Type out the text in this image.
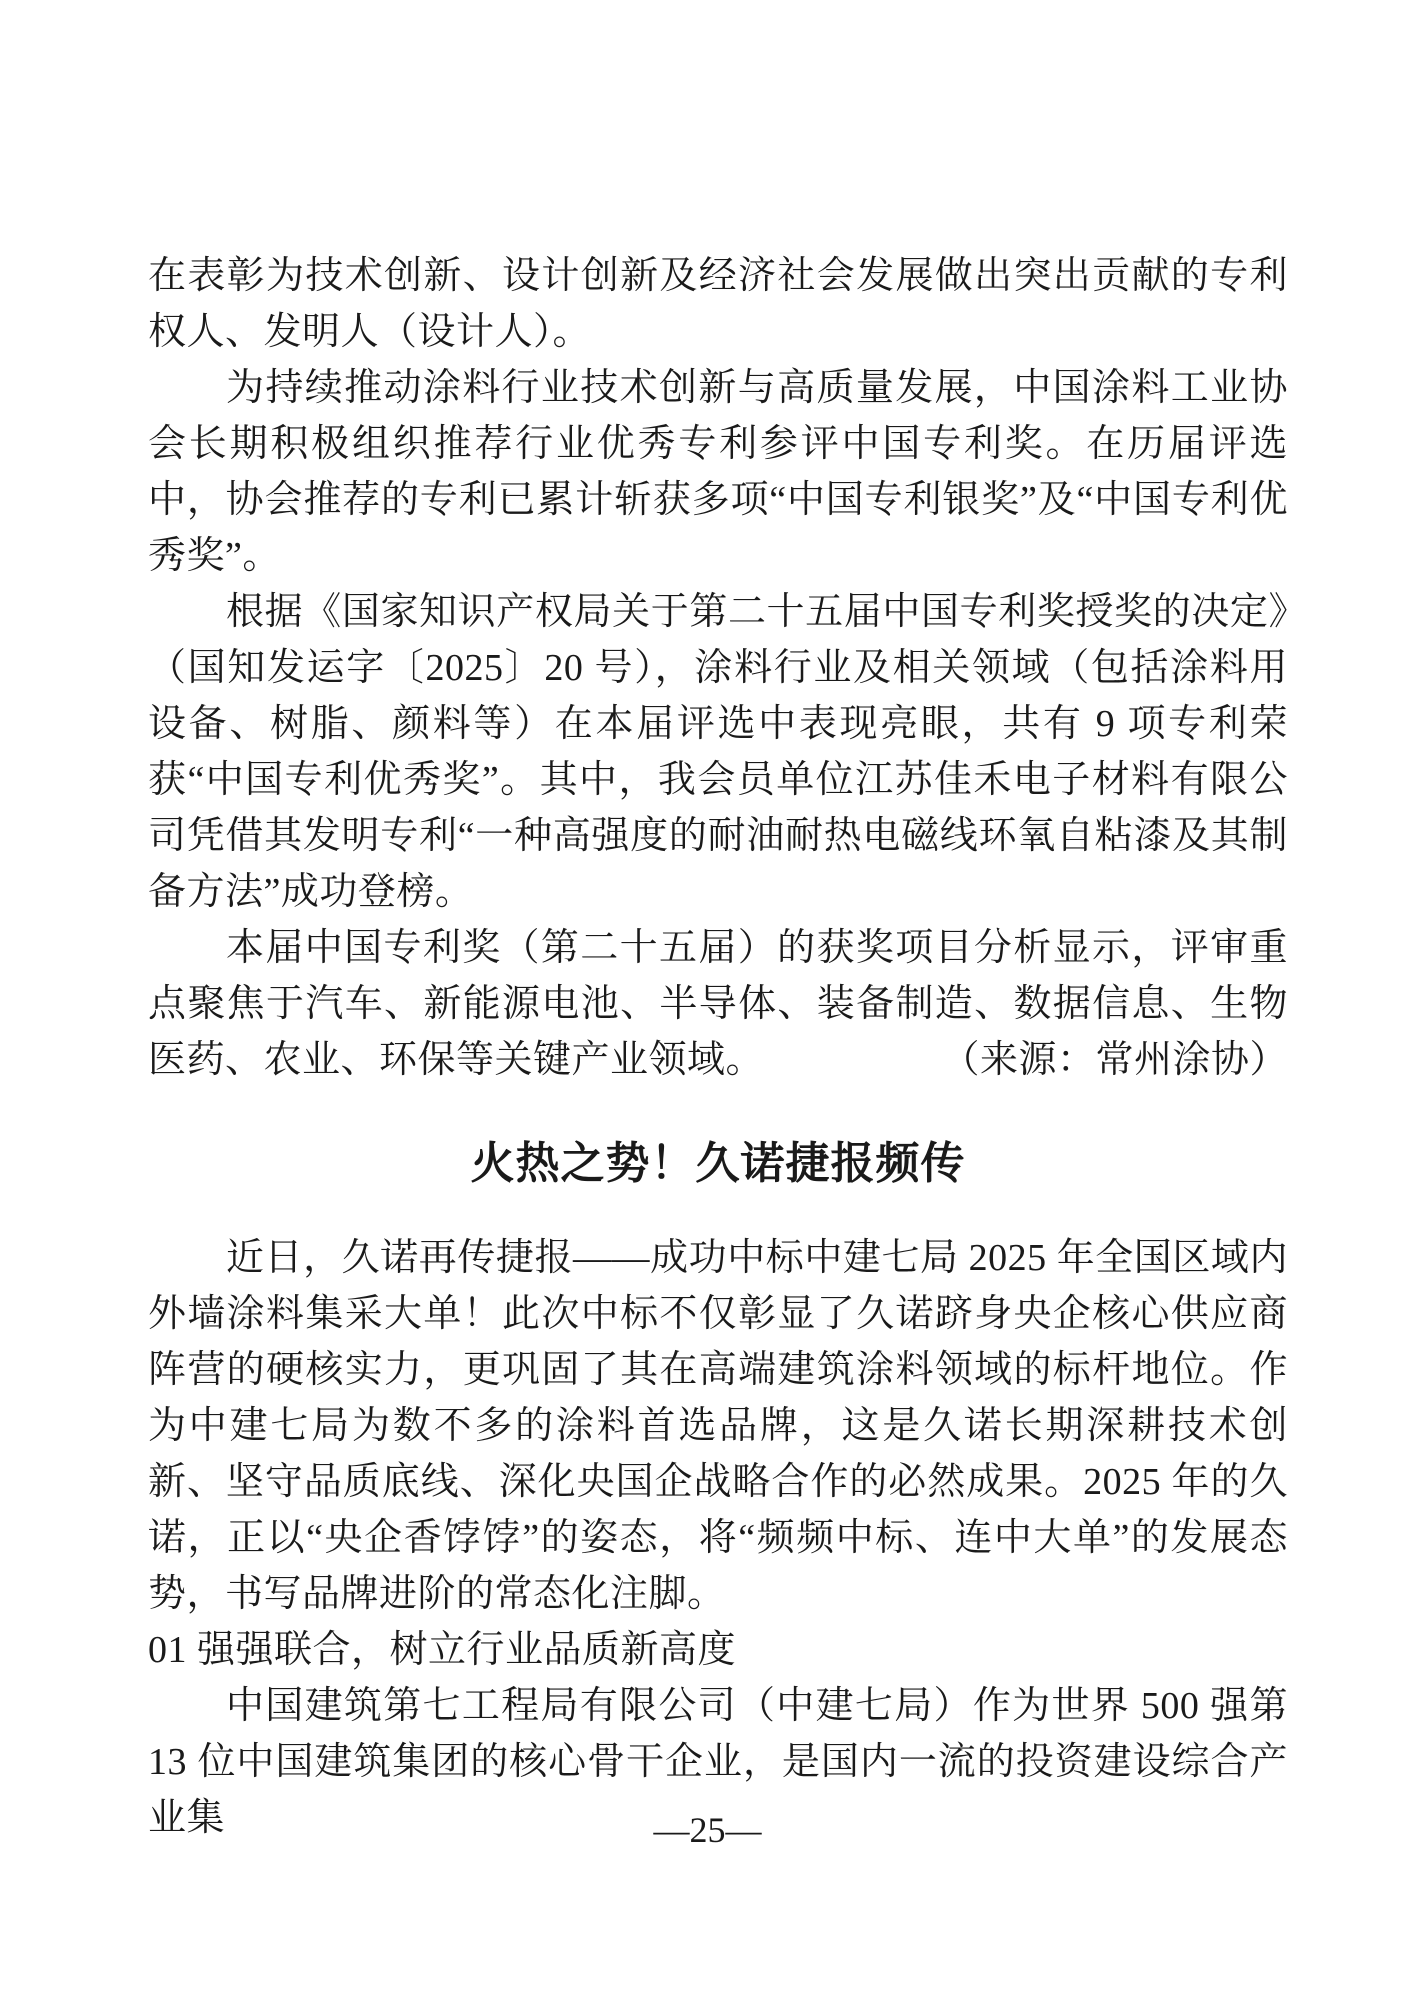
在表彰为技术创新、设计创新及经济社会发展做出突出贡献的专利权人、发明人（设计人）。

为持续推动涂料行业技术创新与高质量发展，中国涂料工业协会长期积极组织推荐行业优秀专利参评中国专利奖。在历届评选中，协会推荐的专利已累计斩获多项“中国专利银奖”及“中国专利优秀奖”。

根据《国家知识产权局关于第二十五届中国专利奖授奖的决定》（国知发运字〔2025〕20 号），涂料行业及相关领域（包括涂料用设备、树脂、颜料等）在本届评选中表现亮眼，共有 9 项专利荣获“中国专利优秀奖”。其中，我会员单位江苏佳禾电子材料有限公司凭借其发明专利“一种高强度的耐油耐热电磁线环氧自粘漆及其制备方法”成功登榜。

本届中国专利奖（第二十五届）的获奖项目分析显示，评审重点聚焦于汽车、新能源电池、半导体、装备制造、数据信息、生物医药、农业、环保等关键产业领域。	（来源：常州涂协）

火热之势！久诺捷报频传

近日，久诺再传捷报——成功中标中建七局 2025 年全国区域内外墙涂料集采大单！此次中标不仅彰显了久诺跻身央企核心供应商阵营的硬核实力，更巩固了其在高端建筑涂料领域的标杆地位。作为中建七局为数不多的涂料首选品牌，这是久诺长期深耕技术创新、坚守品质底线、深化央国企战略合作的必然成果。2025 年的久诺，正以“央企香饽饽”的姿态，将“频频中标、连中大单”的发展态势，书写品牌进阶的常态化注脚。

01 强强联合，树立行业品质新高度

中国建筑第七工程局有限公司（中建七局）作为世界 500 强第 13 位中国建筑集团的核心骨干企业，是国内一流的投资建设综合产业集	—25—
